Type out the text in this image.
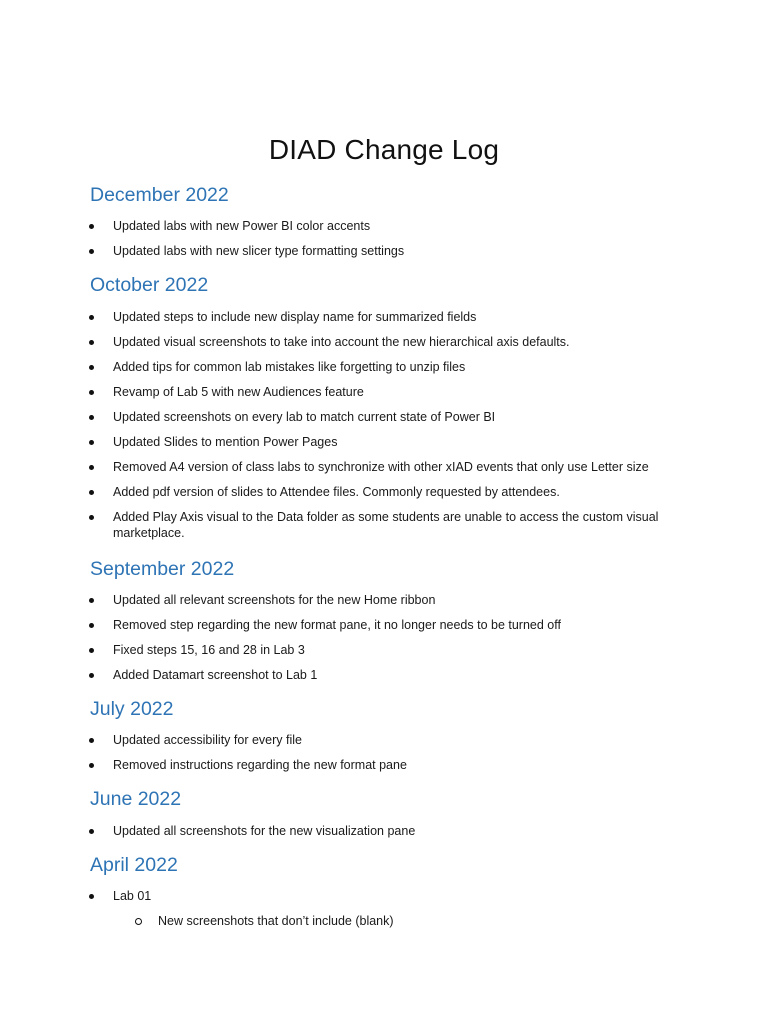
DIAD Change Log
December 2022
Updated labs with new Power BI color accents
Updated labs with new slicer type formatting settings
October 2022
Updated steps to include new display name for summarized fields
Updated visual screenshots to take into account the new hierarchical axis defaults.
Added tips for common lab mistakes like forgetting to unzip files
Revamp of Lab 5 with new Audiences feature
Updated screenshots on every lab to match current state of Power BI
Updated Slides to mention Power Pages
Removed A4 version of class labs to synchronize with other xIAD events that only use Letter size
Added pdf version of slides to Attendee files. Commonly requested by attendees.
Added Play Axis visual to the Data folder as some students are unable to access the custom visual marketplace.
September 2022
Updated all relevant screenshots for the new Home ribbon
Removed step regarding the new format pane, it no longer needs to be turned off
Fixed steps 15, 16 and 28 in Lab 3
Added Datamart screenshot to Lab 1
July 2022
Updated accessibility for every file
Removed instructions regarding the new format pane
June 2022
Updated all screenshots for the new visualization pane
April 2022
Lab 01
New screenshots that don’t include (blank)
